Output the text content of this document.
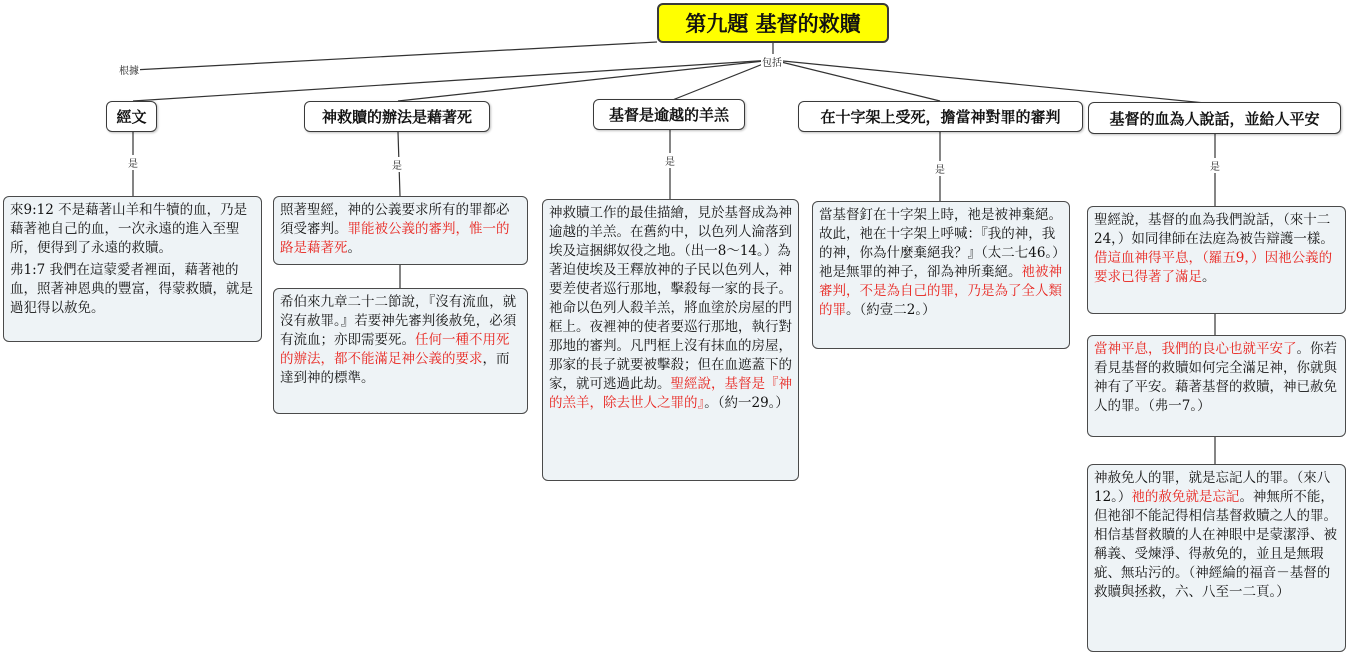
根據
包括
是	是	是
是	是
第九題 基督的救贖
經文	神救贖的辦法是藉著死	基督是逾越的羊羔	在十字架上受死，擔當神對罪的審判	基督的血為人說話，並給人平安

來9:12 不是藉著山羊和牛犢的血，乃是藉著祂自己的血，一次永遠的進入至聖所，便得到了永遠的救贖。

弗1:7 我們在這蒙愛者裡面，藉著祂的血，照著神恩典的豐富，得蒙救贖，就是過犯得以赦免。

照著聖經，神的公義要求所有的罪都必須受審判。罪能被公義的審判，惟一的路是藉著死。
希伯來九章二十二節說，『沒有流血，就沒有赦罪。』若要神先審判後赦免，必須有流血；亦即需要死。任何一種不用死的辦法，都不能滿足神公義的要求，而達到神的標準。
神救贖工作的最佳描繪，見於基督成為神逾越的羊羔。在舊約中，以色列人淪落到埃及這捆綁奴役之地。（出一8～14。）為著迫使埃及王釋放神的子民以色列人，神要差使者巡行那地，擊殺每一家的長子。祂命以色列人殺羊羔，將血塗於房屋的門框上。夜裡神的使者要巡行那地，執行對那地的審判。凡門框上沒有抹血的房屋，那家的長子就要被擊殺；但在血遮蓋下的家，就可逃過此劫。聖經說，基督是『神的羔羊，除去世人之罪的』。（約一29。）
當基督釘在十字架上時，祂是被神棄絕。故此，祂在十字架上呼喊：『我的神，我的神，你為什麼棄絕我？』（太二七46。）祂是無罪的神子，卻為神所棄絕。祂被神審判，不是為自己的罪，乃是為了全人類的罪。（約壹二2。）
聖經說，基督的血為我們說話，（來十二24，）如同律師在法庭為被告辯護一樣。借這血神得平息，（羅五9，）因祂公義的要求已得著了滿足。
當神平息，我們的良心也就平安了。你若看見基督的救贖如何完全滿足神，你就與神有了平安。藉著基督的救贖，神已赦免人的罪。（弗一7。）
神赦免人的罪，就是忘記人的罪。（來八12。）祂的赦免就是忘記。神無所不能，但祂卻不能記得相信基督救贖之人的罪。相信基督救贖的人在神眼中是蒙潔淨、被稱義、受煉淨、得赦免的，並且是無瑕疵、無玷污的。（神經綸的福音－基督的救贖與拯救，六、八至一二頁。）
